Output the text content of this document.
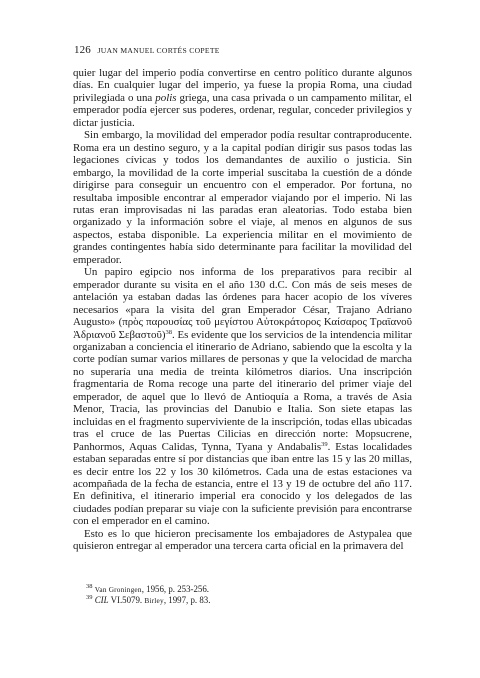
126 JUAN MANUEL CORTÉS COPETE

quier lugar del imperio podía convertirse en centro político durante algunos días. En cualquier lugar del imperio, ya fuese la propia Roma, una ciudad privilegiada o una polis griega, una casa privada o un campamento militar, el emperador podía ejercer sus poderes, ordenar, regular, conceder privilegios y dictar justicia.

Sin embargo, la movilidad del emperador podía resultar contraproducente. Roma era un destino seguro, y a la capital podían dirigir sus pasos todas las legaciones cívicas y todos los demandantes de auxilio o justicia. Sin embargo, la movilidad de la corte imperial suscitaba la cuestión de a dónde dirigirse para conseguir un encuentro con el emperador. Por fortuna, no resultaba imposible encontrar al emperador viajando por el imperio. Ni las rutas eran improvisadas ni las paradas eran aleatorias. Todo estaba bien organizado y la información sobre el viaje, al menos en algunos de sus aspectos, estaba disponible. La experiencia militar en el movimiento de grandes contingentes había sido determinante para facilitar la movilidad del emperador.

Un papiro egipcio nos informa de los preparativos para recibir al emperador durante su visita en el año 130 d.C. Con más de seis meses de antelación ya estaban dadas las órdenes para hacer acopio de los víveres necesarios «para la visita del gran Emperador César, Trajano Adriano Augusto» (πρὸς παρουσίας τοῦ μεγίστου Αὐτοκράτορος Καίσαρος Τραϊανοῦ Ἁδριανοῦ Σεβαστοῦ)$^{38}$. Es evidente que los servicios de la intendencia militar organizaban a conciencia el itinerario de Adriano, sabiendo que la escolta y la corte podían sumar varios millares de personas y que la velocidad de marcha no superaría una media de treinta kilómetros diarios. Una inscripción fragmentaria de Roma recoge una parte del itinerario del primer viaje del emperador, de aquel que lo llevó de Antioquía a Roma, a través de Asia Menor, Tracia, las provincias del Danubio e Italia. Son siete etapas las incluidas en el fragmento superviviente de la inscripción, todas ellas ubicadas tras el cruce de las Puertas Cilicias en dirección norte: Mopsucrene, Panhormos, Aquas Calidas, Tynna, Tyana y Andabalis$^{39}$. Estas localidades estaban separadas entre sí por distancias que iban entre las 15 y las 20 millas, es decir entre los 22 y los 30 kilómetros. Cada una de estas estaciones va acompañada de la fecha de estancia, entre el 13 y 19 de octubre del año 117. En definitiva, el itinerario imperial era conocido y los delegados de las ciudades podían preparar su viaje con la suficiente previsión para encontrarse con el emperador en el camino.

Esto es lo que hicieron precisamente los embajadores de Astypalea que quisieron entregar al emperador una tercera carta oficial en la primavera del

$^{38}$ Van Groningen, 1956, p. 253-256.

$^{39}$ CIL VI.5079. Birley, 1997, p. 83.
